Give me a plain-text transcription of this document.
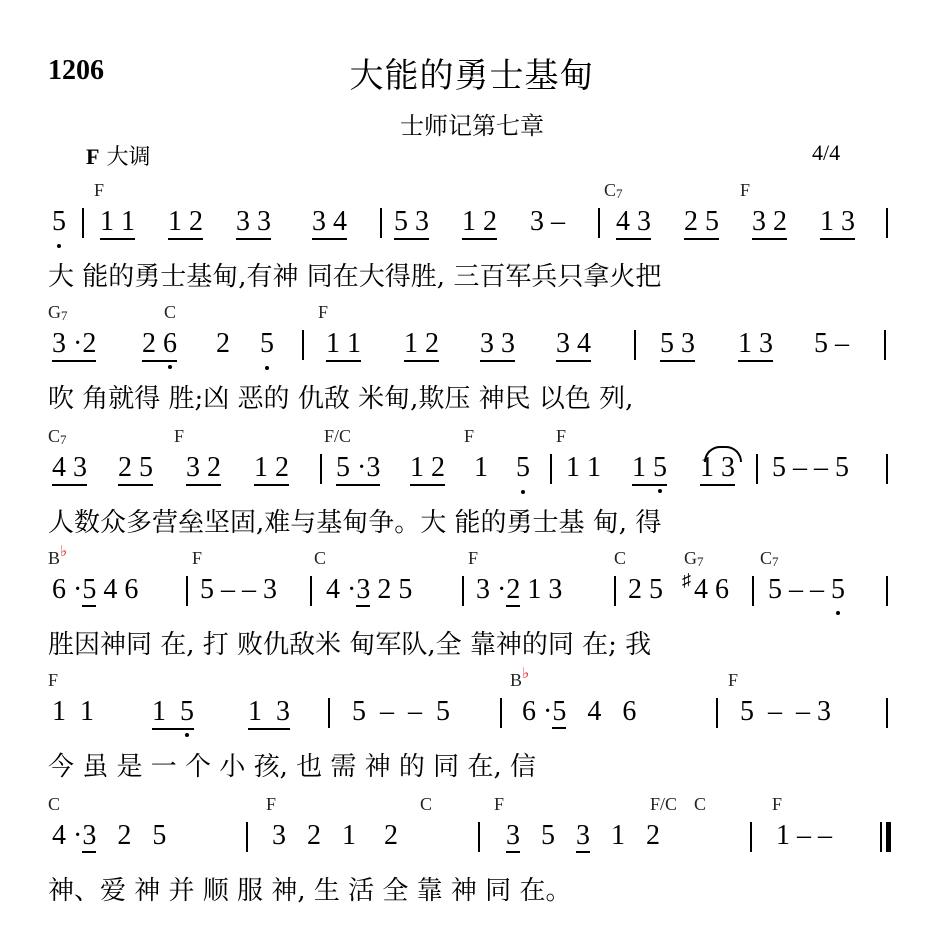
1206	大能的勇士基甸
士师记第七章
F 大调	4/4
F	$C_7$	F
5 1 1 1 2 3 3 3 4 5 3 1 2 3 – 4 3 2 5 3 2 1 3
大 能的勇士基甸,有神 同在大得胜, 三百军兵只拿火把
$G_7$	C	F
3 ·2 2 6 2 5 1 1 1 2 3 3 3 4 5 3 1 3 5 –
吹 角就得 胜;凶 恶的 仇敌 米甸,欺压 神民 以色 列,
$C_7$	F	F/C	F	F
4 3 2 5 3 2 1 2 5 ·3 1 2 1 5 1 1 1 5 1 3 5 – – 5
人数众多营垒坚固,难与基甸争。大 能的勇士基 甸, 得
B♭	F	C	F	C	$G_7$	$C_7$
6 ·5 4 6 5 – – 3 4 ·3 2 5 3 ·2 1 3 2 5 ♯ 4 6 5 – – 5
胜因神同 在, 打 败仇敌米 甸军队,全 靠神的同 在; 我
F	B♭	F
1  1 1  5 1  3 5  –  –  5	6 ·5   4   6	5  –  – 3
今 虽 是 一 个 小 孩, 也 需 神 的 同 在, 信
C	F	C	F	F/C C	F
4 ·3   2   5	3   2   1    2	3   5   3   1   2	1 – –
神、爱 神 并 顺 服 神, 生 活 全 靠 神 同 在。
